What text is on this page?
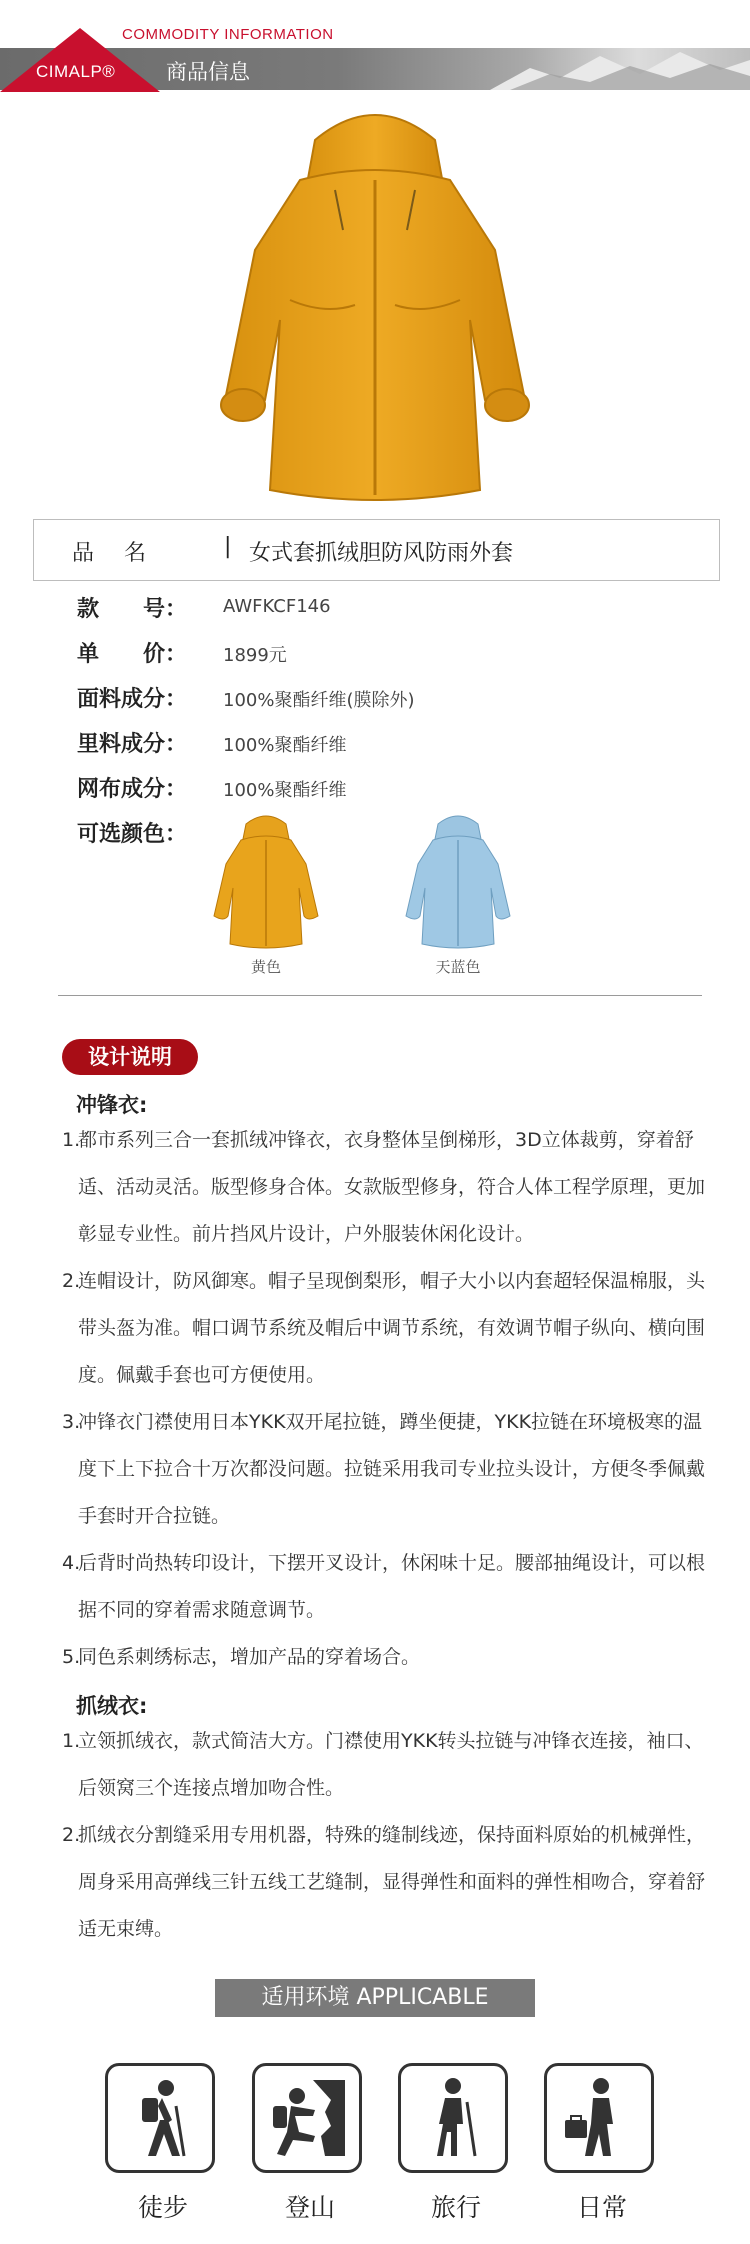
CIMALP®
COMMODITY INFORMATION
商品信息
品名 | 女式套抓绒胆防风防雨外套
款　　号： AWFKCF146
单　　价： 1899元
面料成分： 100%聚酯纤维(膜除外)
里料成分： 100%聚酯纤维
网布成分： 100%聚酯纤维
可选颜色：
黄色	天蓝色
设计说明
冲锋衣:
1.
都市系列三合一套抓绒冲锋衣，衣身整体呈倒梯形，3D立体裁剪，穿着舒适、活动灵活。版型修身合体。女款版型修身，符合人体工程学原理，更加彰显专业性。前片挡风片设计，户外服装休闲化设计。
2.
连帽设计，防风御寒。帽子呈现倒梨形，帽子大小以内套超轻保温棉服，头带头盔为准。帽口调节系统及帽后中调节系统，有效调节帽子纵向、横向围度。佩戴手套也可方便使用。
3.
冲锋衣门襟使用日本YKK双开尾拉链，蹲坐便捷，YKK拉链在环境极寒的温度下上下拉合十万次都没问题。拉链采用我司专业拉头设计，方便冬季佩戴手套时开合拉链。
4.
后背时尚热转印设计，下摆开叉设计，休闲味十足。腰部抽绳设计，可以根据不同的穿着需求随意调节。
5.
同色系刺绣标志，增加产品的穿着场合。
抓绒衣:
1.
立领抓绒衣，款式简洁大方。门襟使用YKK转头拉链与冲锋衣连接，袖口、后领窝三个连接点增加吻合性。
2.
抓绒衣分割缝采用专用机器，特殊的缝制线迹，保持面料原始的机械弹性，周身采用高弹线三针五线工艺缝制，显得弹性和面料的弹性相吻合，穿着舒适无束缚。
适用环境 APPLICABLE
徒步	登山	旅行	日常
